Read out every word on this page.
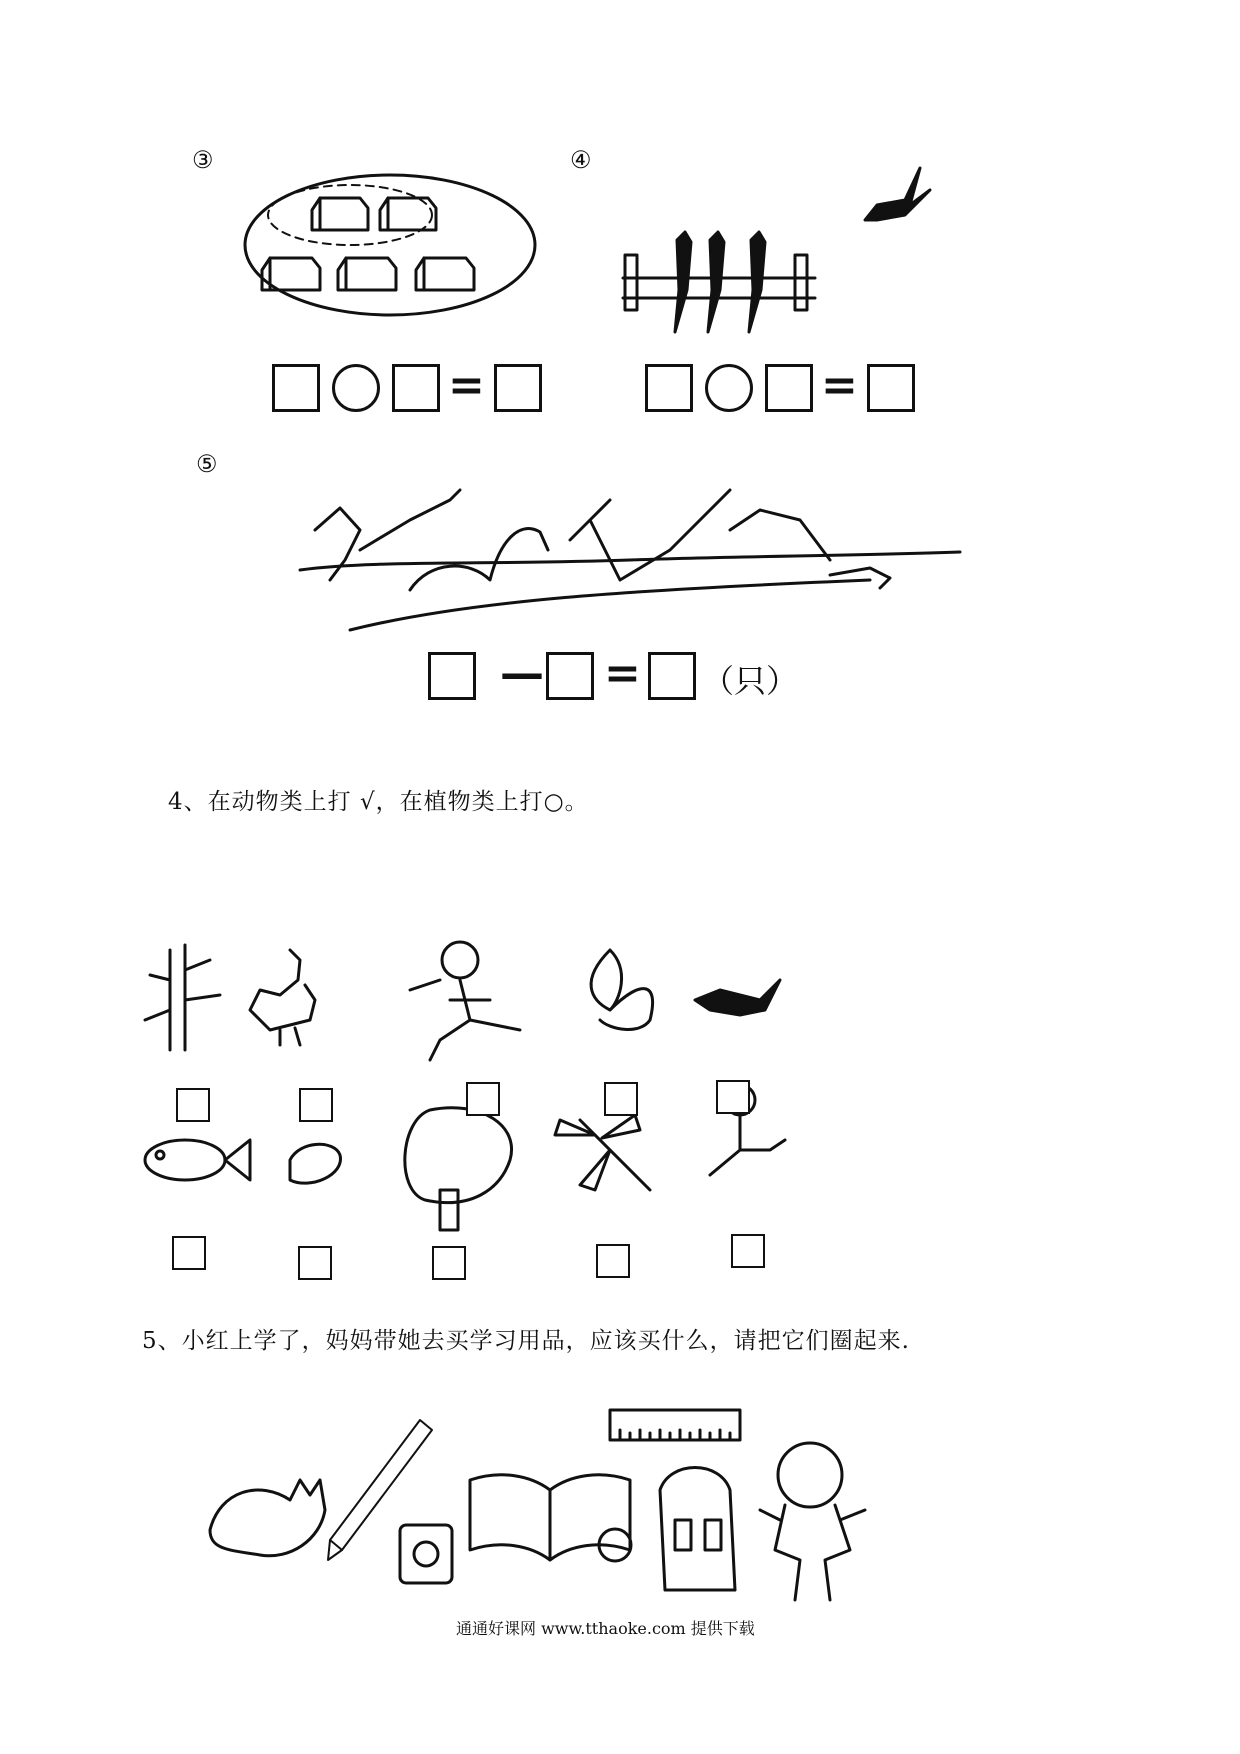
③
=
④
=
⑤
— = （只）
4、在动物类上打 √，在植物类上打○。
5、小红上学了，妈妈带她去买学习用品，应该买什么，请把它们圈起来.
通通好课网 www.tthaoke.com 提供下载
